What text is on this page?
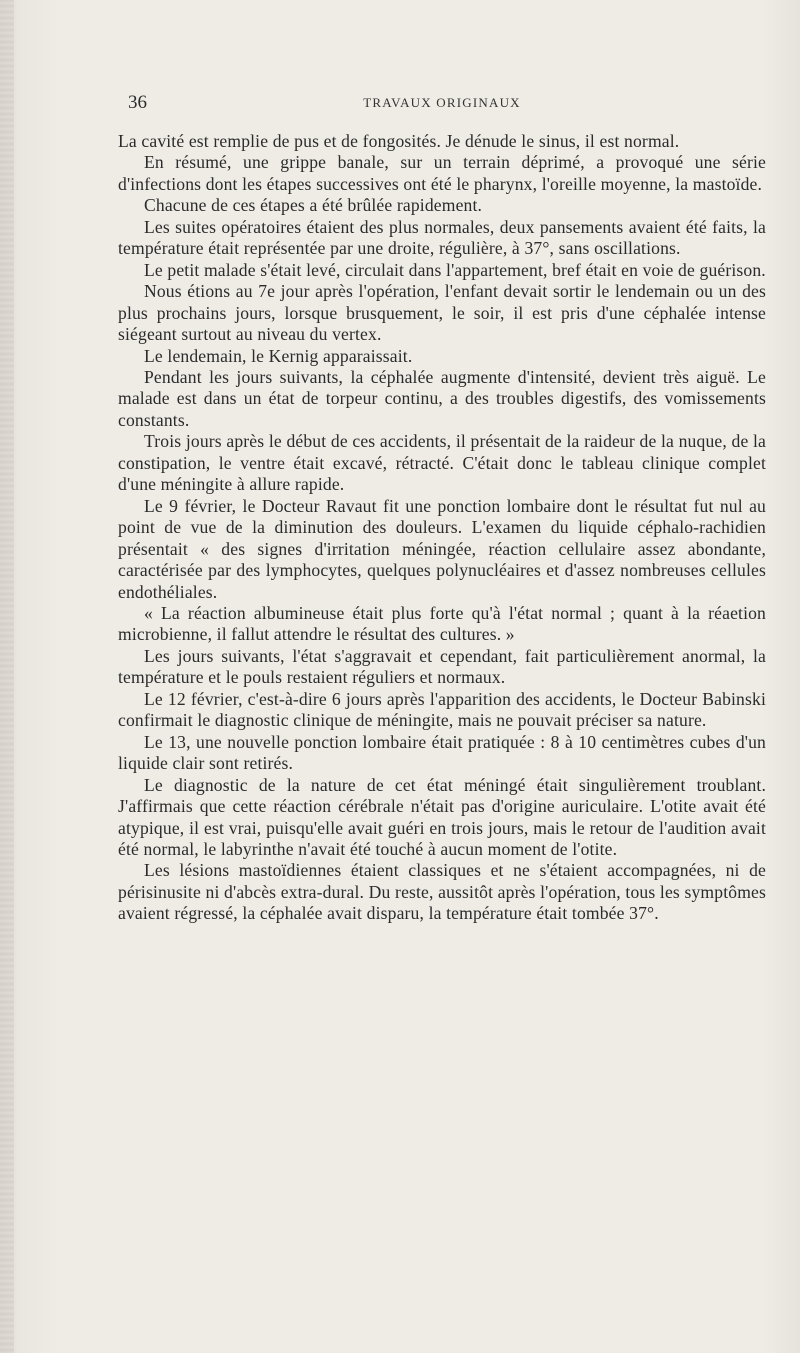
36	TRAVAUX ORIGINAUX

La cavité est remplie de pus et de fongosités. Je dénude le sinus, il est normal.

En résumé, une grippe banale, sur un terrain déprimé, a provoqué une série d'infections dont les étapes successives ont été le pharynx, l'oreille moyenne, la mastoïde.

Chacune de ces étapes a été brûlée rapidement.

Les suites opératoires étaient des plus normales, deux pansements avaient été faits, la température était représentée par une droite, régulière, à 37°, sans oscillations.

Le petit malade s'était levé, circulait dans l'appartement, bref était en voie de guérison.

Nous étions au 7e jour après l'opération, l'enfant devait sortir le lendemain ou un des plus prochains jours, lorsque brusquement, le soir, il est pris d'une céphalée intense siégeant surtout au niveau du vertex.

Le lendemain, le Kernig apparaissait.

Pendant les jours suivants, la céphalée augmente d'intensité, devient très aiguë. Le malade est dans un état de torpeur continu, a des troubles digestifs, des vomissements constants.

Trois jours après le début de ces accidents, il présentait de la raideur de la nuque, de la constipation, le ventre était excavé, rétracté. C'était donc le tableau clinique complet d'une méningite à allure rapide.

Le 9 février, le Docteur Ravaut fit une ponction lombaire dont le résultat fut nul au point de vue de la diminution des douleurs. L'examen du liquide céphalo-rachidien présentait « des signes d'irritation méningée, réaction cellulaire assez abondante, caractérisée par des lymphocytes, quelques polynucléaires et d'assez nombreuses cellules endothéliales.

« La réaction albumineuse était plus forte qu'à l'état normal ; quant à la réaetion microbienne, il fallut attendre le résultat des cultures. »

Les jours suivants, l'état s'aggravait et cependant, fait particulièrement anormal, la température et le pouls restaient réguliers et normaux.

Le 12 février, c'est-à-dire 6 jours après l'apparition des accidents, le Docteur Babinski confirmait le diagnostic clinique de méningite, mais ne pouvait préciser sa nature.

Le 13, une nouvelle ponction lombaire était pratiquée : 8 à 10 centimètres cubes d'un liquide clair sont retirés.

Le diagnostic de la nature de cet état méningé était singulièrement troublant. J'affirmais que cette réaction cérébrale n'était pas d'origine auriculaire. L'otite avait été atypique, il est vrai, puisqu'elle avait guéri en trois jours, mais le retour de l'audition avait été normal, le labyrinthe n'avait été touché à aucun moment de l'otite.

Les lésions mastoïdiennes étaient classiques et ne s'étaient accompagnées, ni de périsinusite ni d'abcès extra-dural. Du reste, aussitôt après l'opération, tous les symptômes avaient régressé, la céphalée avait disparu, la température était tombée 37°.
